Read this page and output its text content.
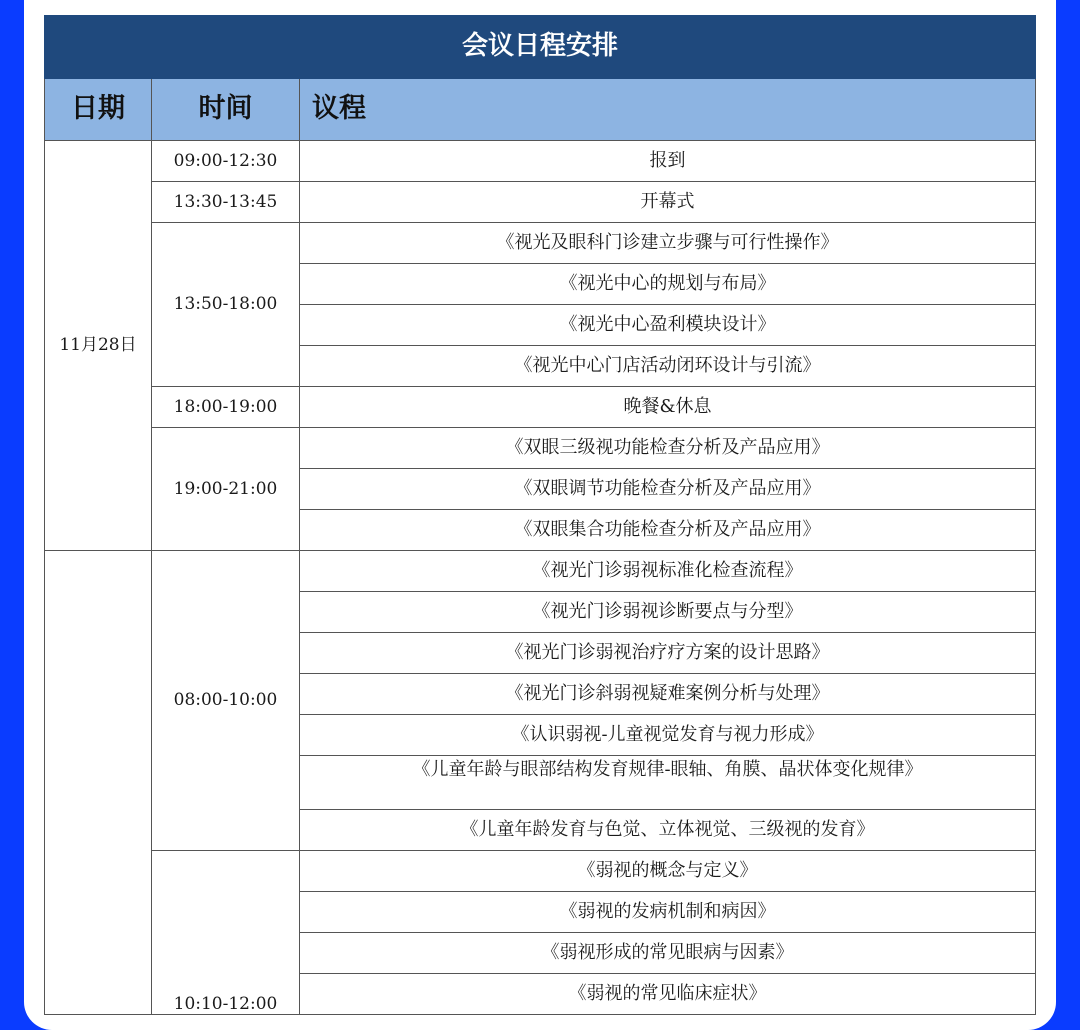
会议日程安排		
日期	时间	议程
11月28日	09:00-12:30	报到
	13:30-13:45	开幕式
	13:50-18:00	《视光及眼科门诊建立步骤与可行性操作》
		《视光中心的规划与布局》
		《视光中心盈利模块设计》
		《视光中心门店活动闭环设计与引流》
	18:00-19:00	晚餐&休息
	19:00-21:00	《双眼三级视功能检查分析及产品应用》
		《双眼调节功能检查分析及产品应用》
		《双眼集合功能检查分析及产品应用》
	08:00-10:00	《视光门诊弱视标准化检查流程》
		《视光门诊弱视诊断要点与分型》
		《视光门诊弱视治疗疗方案的设计思路》
		《视光门诊斜弱视疑难案例分析与处理》
		《认识弱视-儿童视觉发育与视力形成》
		《儿童年龄与眼部结构发育规律-眼轴、角膜、晶状体变化规律》
		《儿童年龄发育与色觉、立体视觉、三级视的发育》
	10:10-12:00	《弱视的概念与定义》
		《弱视的发病机制和病因》
		《弱视形成的常见眼病与因素》
		《弱视的常见临床症状》
